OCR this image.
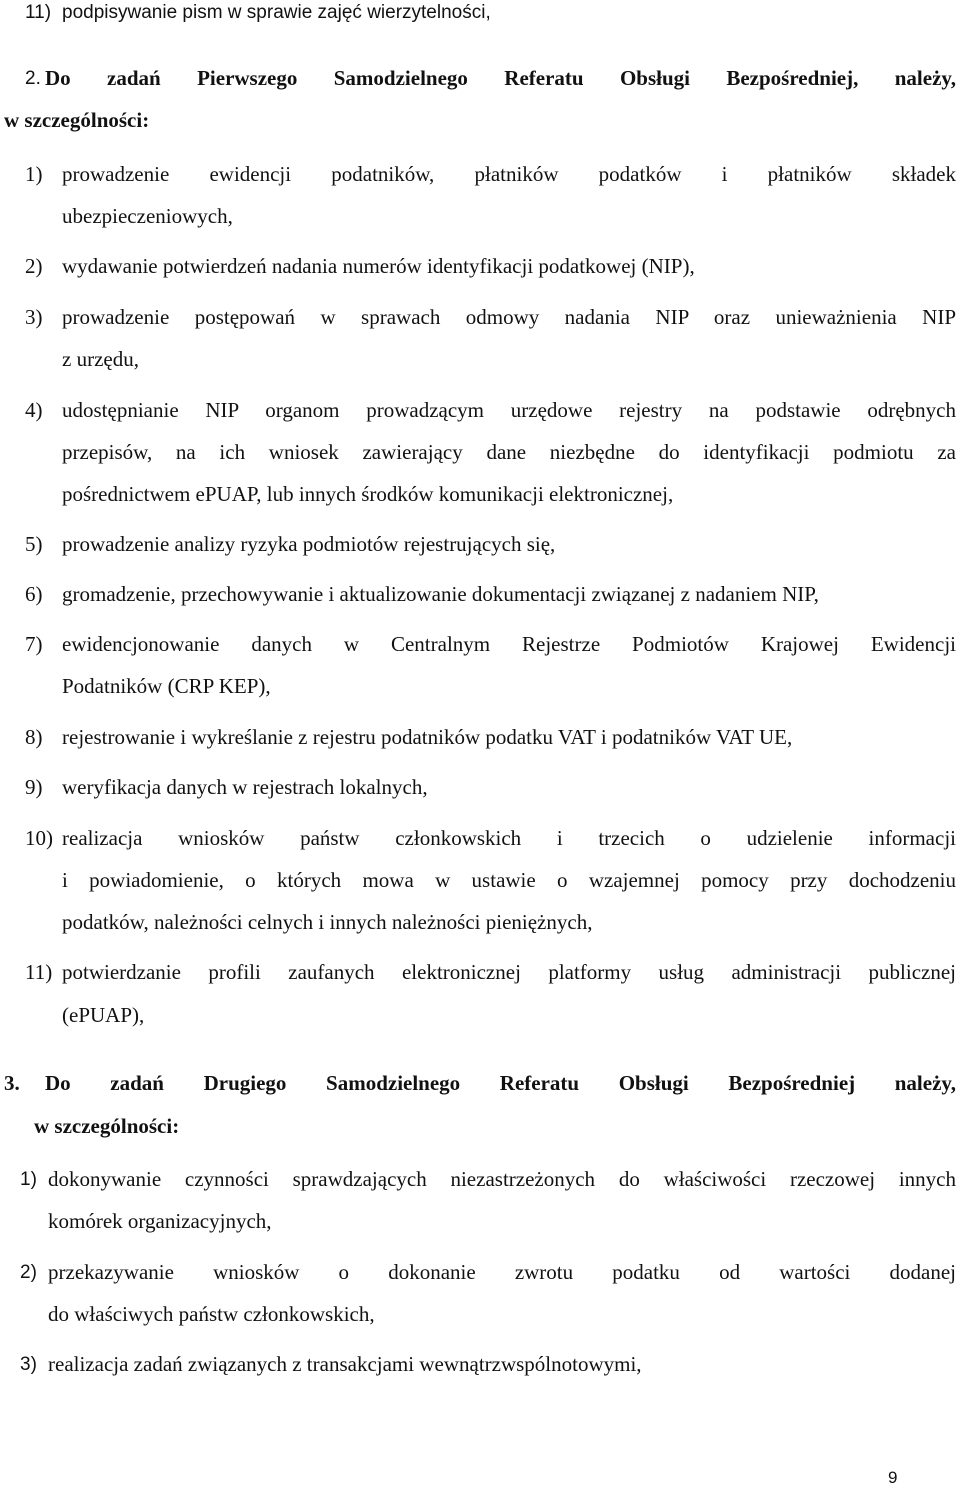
11) podpisywanie pism w sprawie zajęć wierzytelności,
2. Do zadań Pierwszego Samodzielnego Referatu Obsługi Bezpośredniej, należy,
w szczególności:
1) prowadzenie ewidencji podatników, płatników podatków i płatników składek
ubezpieczeniowych,
2) wydawanie potwierdzeń nadania numerów identyfikacji podatkowej (NIP),
3) prowadzenie postępowań w sprawach odmowy nadania NIP oraz unieważnienia NIP
z urzędu,
4) udostępnianie NIP organom prowadzącym urzędowe rejestry na podstawie odrębnych
przepisów, na ich wniosek zawierający dane niezbędne do identyfikacji podmiotu za
pośrednictwem ePUAP, lub innych środków komunikacji elektronicznej,
5) prowadzenie analizy ryzyka podmiotów rejestrujących się,
6) gromadzenie, przechowywanie i aktualizowanie dokumentacji związanej z nadaniem NIP,
7) ewidencjonowanie danych w Centralnym Rejestrze Podmiotów Krajowej Ewidencji
Podatników (CRP KEP),
8) rejestrowanie i wykreślanie z rejestru podatników podatku VAT i podatników VAT UE,
9) weryfikacja danych w rejestrach lokalnych,
10) realizacja wniosków państw członkowskich i trzecich o udzielenie informacji
i powiadomienie, o których mowa w ustawie o wzajemnej pomocy przy dochodzeniu
podatków, należności celnych i innych należności pieniężnych,
11) potwierdzanie profili zaufanych elektronicznej platformy usług administracji publicznej
(ePUAP),
3. Do zadań Drugiego Samodzielnego Referatu Obsługi Bezpośredniej należy,
w szczególności:
1) dokonywanie czynności sprawdzających niezastrzeżonych do właściwości rzeczowej innych
komórek organizacyjnych,
2) przekazywanie wniosków o dokonanie zwrotu podatku od wartości dodanej
do właściwych państw członkowskich,
3) realizacja zadań związanych z transakcjami wewnątrzwspólnotowymi,
9
